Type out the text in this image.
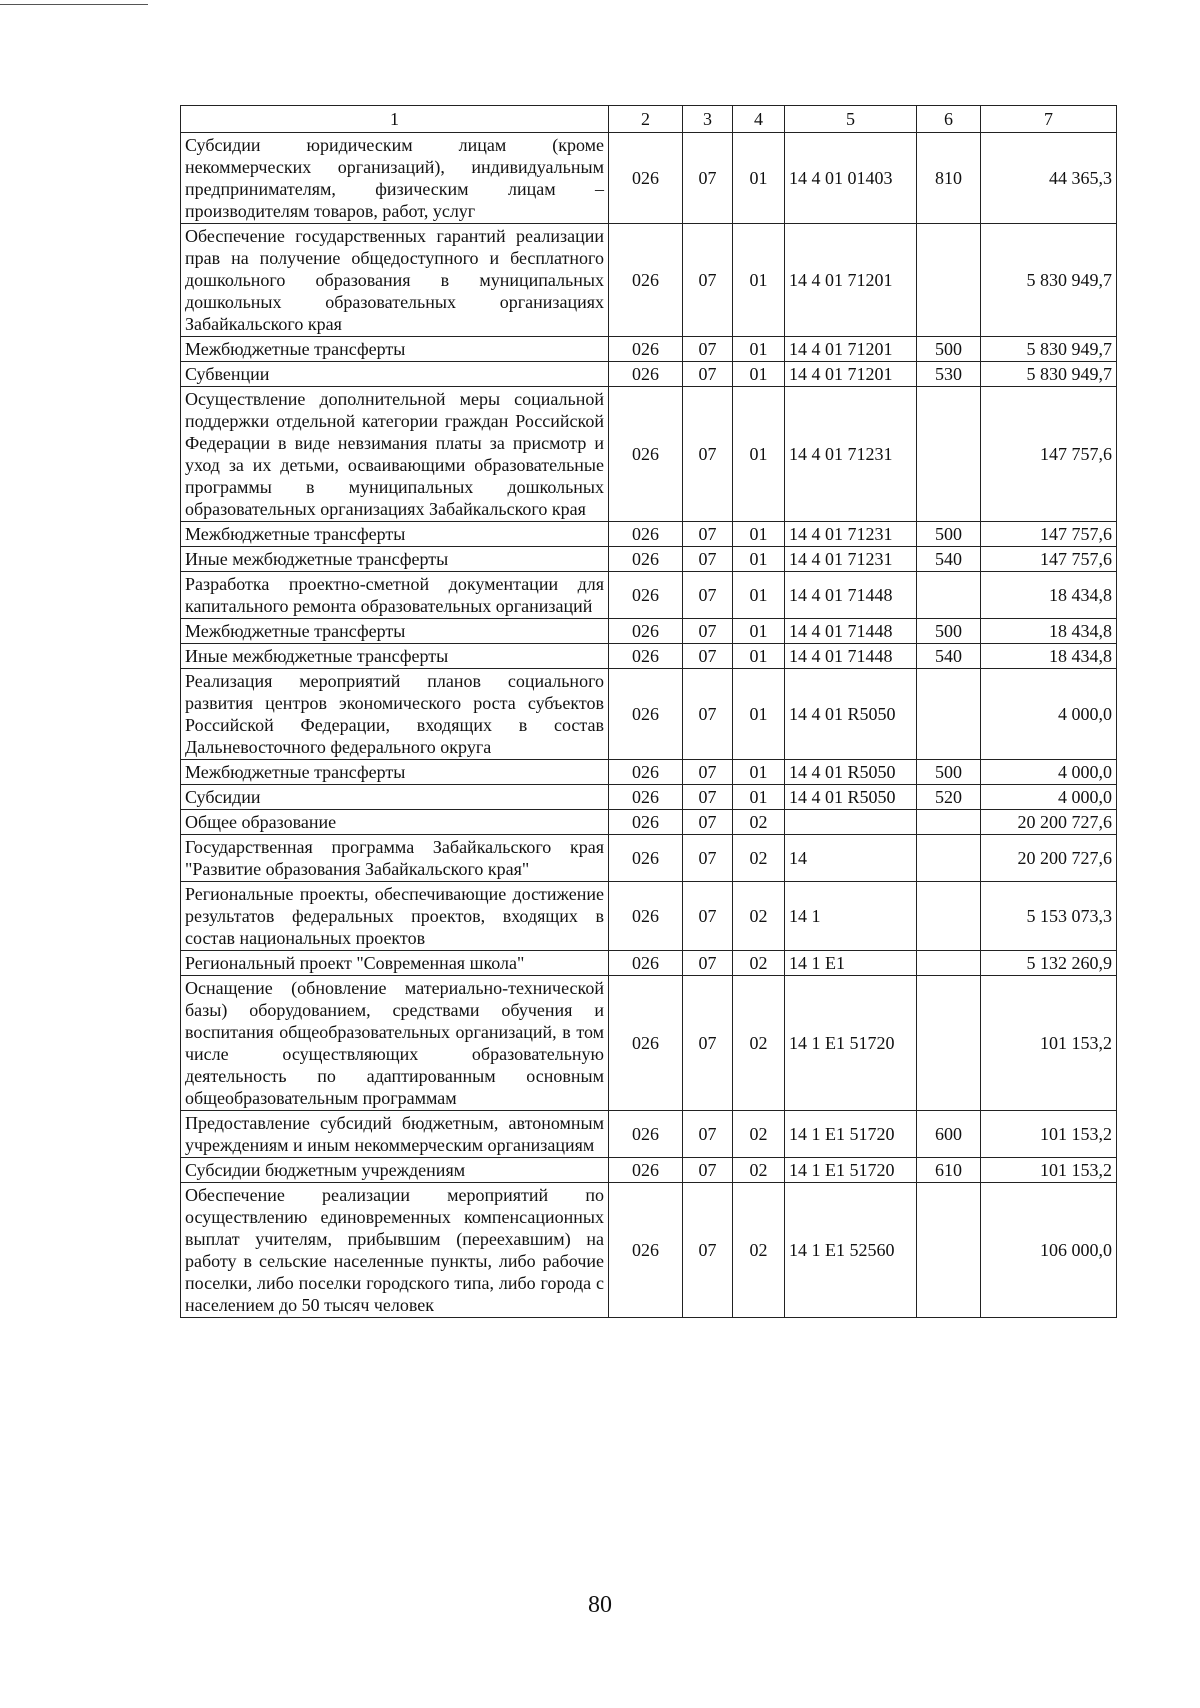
1	2	3	4	5	6	7
Субсидии юридическим лицам (кроме некоммерческих организаций), индивидуальным предпринимателям, физическим лицам – производителям товаров, работ, услуг	026	07	01	14 4 01 01403	810	44 365,3
Обеспечение государственных гарантий реализации прав на получение общедоступного и бесплатного дошкольного образования в муниципальных дошкольных образовательных организациях Забайкальского края	026	07	01	14 4 01 71201		5 830 949,7
Межбюджетные трансферты	026	07	01	14 4 01 71201	500	5 830 949,7
Субвенции	026	07	01	14 4 01 71201	530	5 830 949,7
Осуществление дополнительной меры социальной поддержки отдельной категории граждан Российской Федерации в виде невзимания платы за присмотр и уход за их детьми, осваивающими образовательные программы в муниципальных дошкольных образовательных организациях Забайкальского края	026	07	01	14 4 01 71231		147 757,6
Межбюджетные трансферты	026	07	01	14 4 01 71231	500	147 757,6
Иные межбюджетные трансферты	026	07	01	14 4 01 71231	540	147 757,6
Разработка проектно-сметной документации для капитального ремонта образовательных организаций	026	07	01	14 4 01 71448		18 434,8
Межбюджетные трансферты	026	07	01	14 4 01 71448	500	18 434,8
Иные межбюджетные трансферты	026	07	01	14 4 01 71448	540	18 434,8
Реализация мероприятий планов социального развития центров экономического роста субъектов Российской Федерации, входящих в состав Дальневосточного федерального округа	026	07	01	14 4 01 R5050		4 000,0
Межбюджетные трансферты	026	07	01	14 4 01 R5050	500	4 000,0
Субсидии	026	07	01	14 4 01 R5050	520	4 000,0
Общее образование	026	07	02			20 200 727,6
Государственная программа Забайкальского края "Развитие образования Забайкальского края"	026	07	02	14		20 200 727,6
Региональные проекты, обеспечивающие достижение результатов федеральных проектов, входящих в состав национальных проектов	026	07	02	14 1		5 153 073,3
Региональный проект "Современная школа"	026	07	02	14 1 E1		5 132 260,9
Оснащение (обновление материально-технической базы) оборудованием, средствами обучения и воспитания общеобразовательных организаций, в том числе осуществляющих образовательную деятельность по адаптированным основным общеобразовательным программам	026	07	02	14 1 E1 51720		101 153,2
Предоставление субсидий бюджетным, автономным учреждениям и иным некоммерческим организациям	026	07	02	14 1 E1 51720	600	101 153,2
Субсидии бюджетным учреждениям	026	07	02	14 1 E1 51720	610	101 153,2
Обеспечение реализации мероприятий по осуществлению единовременных компенсационных выплат учителям, прибывшим (переехавшим) на работу в сельские населенные пункты, либо рабочие поселки, либо поселки городского типа, либо города с населением до 50 тысяч человек	026	07	02	14 1 E1 52560		106 000,0
80
